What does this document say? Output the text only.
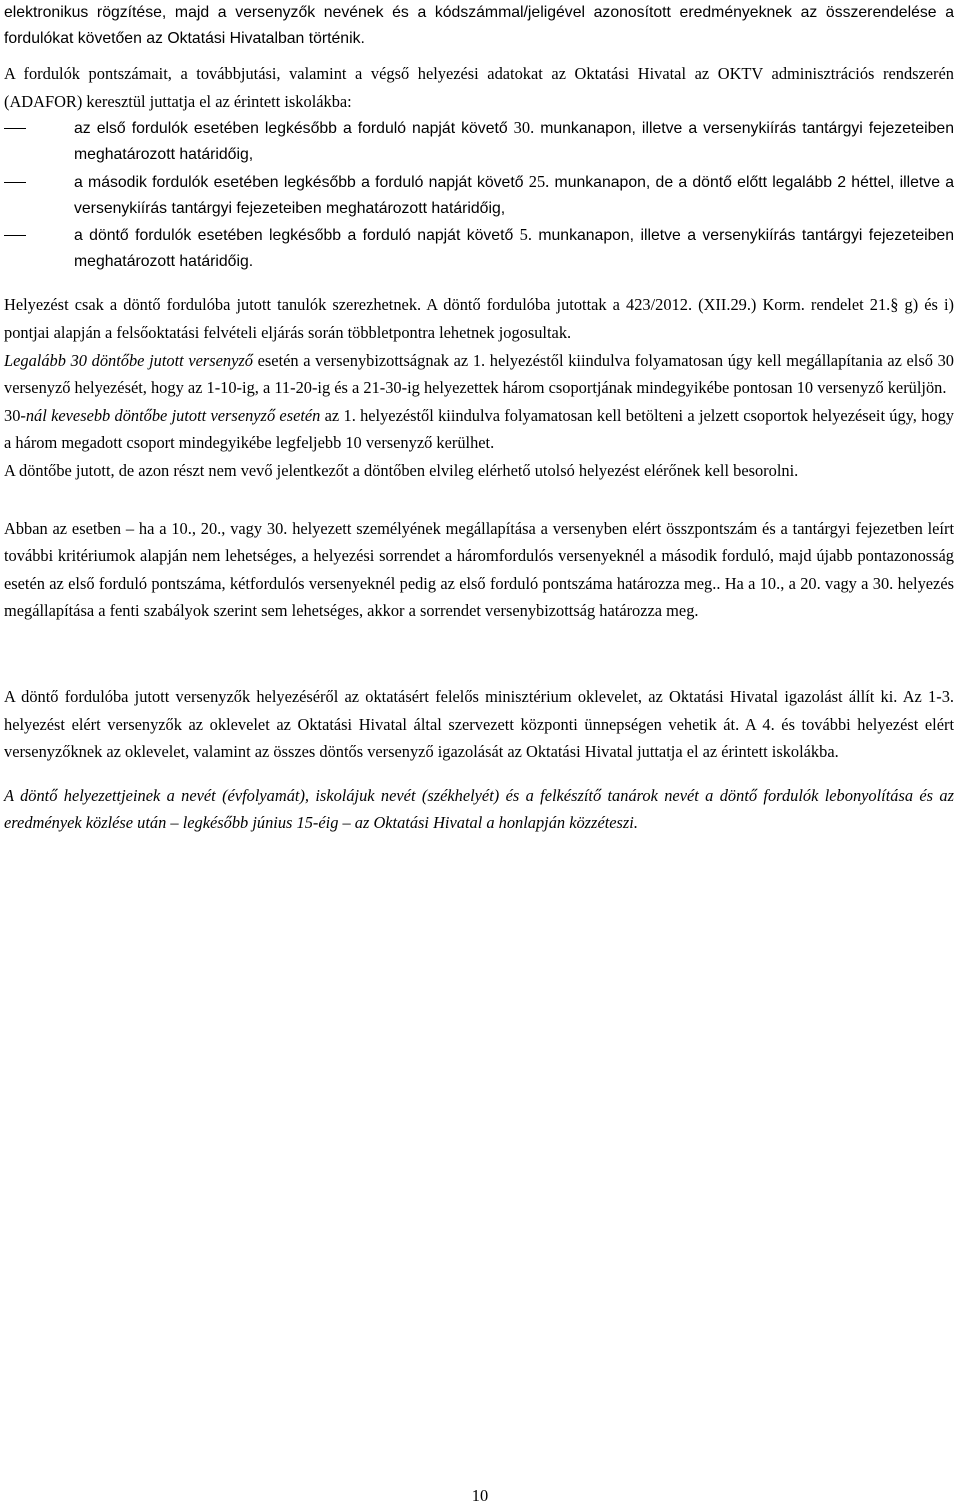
elektronikus rögzítése, majd a versenyzők nevének és a kódszámmal/jeligével azonosított eredményeknek az összerendelése a fordulókat követően az Oktatási Hivatalban történik.

A fordulók pontszámait, a továbbjutási, valamint a végső helyezési adatokat az Oktatási Hivatal az OKTV adminisztrációs rendszerén (ADAFOR) keresztül juttatja el az érintett iskolákba:

az első fordulók esetében legkésőbb a forduló napját követő 30. munkanapon, illetve a versenykiírás tantárgyi fejezeteiben meghatározott határidőig,
a második fordulók esetében legkésőbb a forduló napját követő 25. munkanapon, de a döntő előtt legalább 2 héttel, illetve a versenykiírás tantárgyi fejezeteiben meghatározott határidőig,
a döntő fordulók esetében legkésőbb a forduló napját követő 5. munkanapon, illetve a versenykiírás tantárgyi fejezeteiben meghatározott határidőig.

Helyezést csak a döntő fordulóba jutott tanulók szerezhetnek. A döntő fordulóba jutottak a 423/2012. (XII.29.) Korm. rendelet 21.§ g) és i) pontjai alapján a felsőoktatási felvételi eljárás során többletpontra lehetnek jogosultak.

Legalább 30 döntőbe jutott versenyző esetén a versenybizottságnak az 1. helyezéstől kiindulva folyamatosan úgy kell megállapítania az első 30 versenyző helyezését, hogy az 1-10-ig, a 11-20-ig és a 21-30-ig helyezettek három csoportjának mindegyikébe pontosan 10 versenyző kerüljön.

30-nál kevesebb döntőbe jutott versenyző esetén az 1. helyezéstől kiindulva folyamatosan kell betölteni a jelzett csoportok helyezéseit úgy, hogy a három megadott csoport mindegyikébe legfeljebb 10 versenyző kerülhet.

A döntőbe jutott, de azon részt nem vevő jelentkezőt a döntőben elvileg elérhető utolsó helyezést elérőnek kell besorolni.

Abban az esetben – ha a 10., 20., vagy 30. helyezett személyének megállapítása a versenyben elért összpontszám és a tantárgyi fejezetben leírt további kritériumok alapján nem lehetséges, a helyezési sorrendet a háromfordulós versenyeknél a második forduló, majd újabb pontazonosság esetén az első forduló pontszáma, kétfordulós versenyeknél pedig az első forduló pontszáma határozza meg.. Ha a 10., a 20. vagy a 30. helyezés megállapítása a fenti szabályok szerint sem lehetséges, akkor a sorrendet versenybizottság határozza meg.

A döntő fordulóba jutott versenyzők helyezéséről az oktatásért felelős minisztérium oklevelet, az Oktatási Hivatal igazolást állít ki. Az 1-3. helyezést elért versenyzők az oklevelet az Oktatási Hivatal által szervezett központi ünnepségen vehetik át. A 4. és további helyezést elért versenyzőknek az oklevelet, valamint az összes döntős versenyző igazolását az Oktatási Hivatal juttatja el az érintett iskolákba.

A döntő helyezettjeinek a nevét (évfolyamát), iskolájuk nevét (székhelyét) és a felkészítő tanárok nevét a döntő fordulók lebonyolítása és az eredmények közlése után – legkésőbb június 15-éig – az Oktatási Hivatal a honlapján közzéteszi.

10
